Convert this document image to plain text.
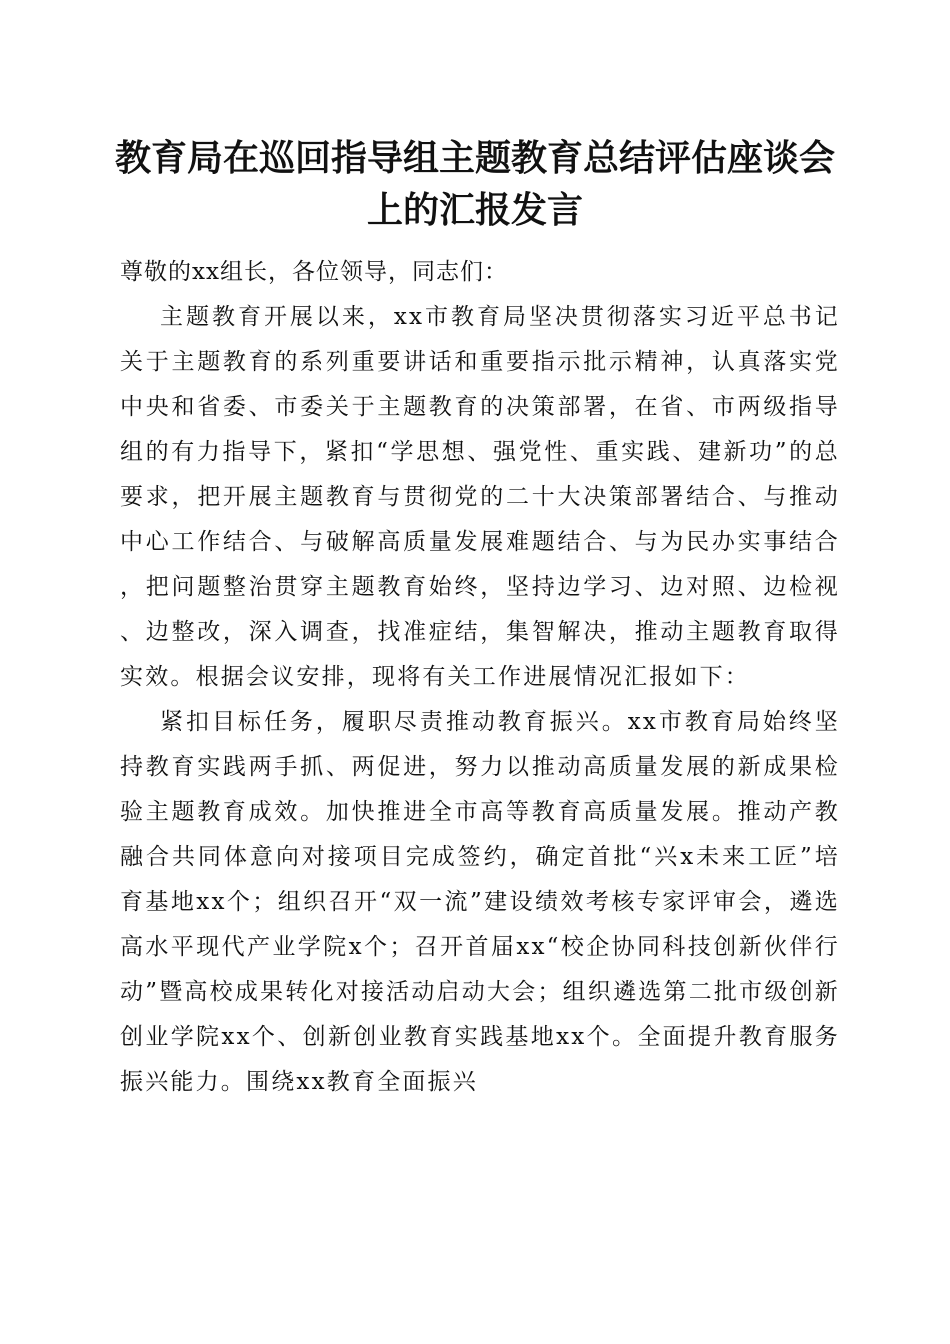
教育局在巡回指导组主题教育总结评估座谈会
上的汇报发言
尊敬的xx组长，各位领导，同志们：
主题教育开展以来，xx市教育局坚决贯彻落实习近平总书记关于主题教育的系列重要讲话和重要指示批示精神，认真落实党中央和省委、市委关于主题教育的决策部署，在省、市两级指导组的有力指导下，紧扣“学思想、强党性、重实践、建新功”的总要求，把开展主题教育与贯彻党的二十大决策部署结合、与推动中心工作结合、与破解高质量发展难题结合、与为民办实事结合，把问题整治贯穿主题教育始终，坚持边学习、边对照、边检视、边整改，深入调查，找准症结，集智解决，推动主题教育取得实效。根据会议安排，现将有关工作进展情况汇报如下：
紧扣目标任务，履职尽责推动教育振兴。xx市教育局始终坚持教育实践两手抓、两促进，努力以推动高质量发展的新成果检验主题教育成效。加快推进全市高等教育高质量发展。推动产教融合共同体意向对接项目完成签约，确定首批“兴x未来工匠”培育基地xx个；组织召开“双一流”建设绩效考核专家评审会，遴选高水平现代产业学院x个；召开首届xx“校企协同科技创新伙伴行动”暨高校成果转化对接活动启动大会；组织遴选第二批市级创新创业学院xx个、创新创业教育实践基地xx个。全面提升教育服务振兴能力。围绕xx教育全面振兴
